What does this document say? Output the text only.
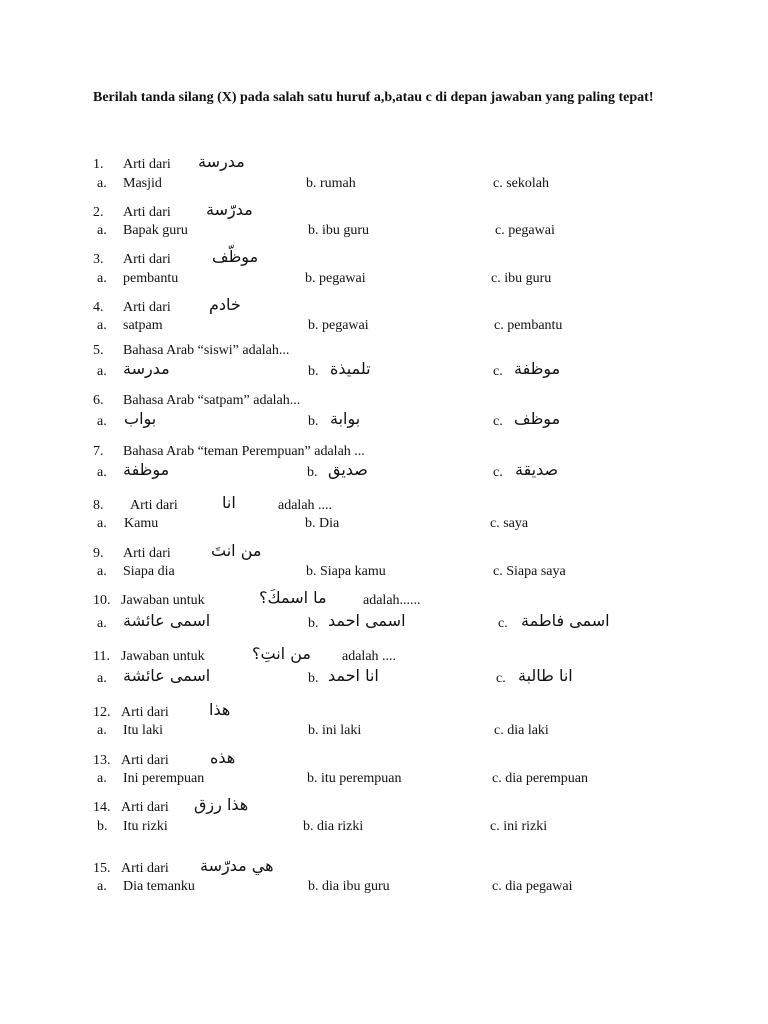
Berilah tanda silang (X) pada salah satu huruf a,b,atau c di depan jawaban yang paling tepat!
1. Arti dari مدرسة
a. Masjid	b. rumah	c. sekolah
2. Arti dari مدرّسة
a. Bapak guru	b. ibu guru	c. pegawai
3. Arti dari	موظّف
a. pembantu	b. pegawai	c. ibu guru
4. Arti dari خادم
a. satpam	b. pegawai	c. pembantu
5. Bahasa Arab “siswi” adalah...
a. مدرسة	b. تلميذة	c. موظفة
6. Bahasa Arab “satpam” adalah...
a. بواب	b. بوابة	c. موظف
7. Bahasa Arab “teman Perempuan” adalah ...
a. موظفة	b. صديق	c. صديقة
8. Arti dari	انا	adalah ....
a. Kamu	b. Dia	c. saya
9. Arti dari	من انتَ
a. Siapa dia	b. Siapa kamu	c. Siapa saya
10. Jawaban untuk	ما اسمكَ؟	adalah......
a. اسمى عائشة	b. اسمى احمد	c. اسمى فاطمة
11. Jawaban untuk	من انتِ؟ adalah ....
a. اسمى عائشة	b. انا احمد	c. انا طالبة
12. Arti dari	هذا
a. Itu laki	b. ini laki	c. dia laki
13. Arti dari	هذه
a. Ini perempuan	b. itu perempuan	c. dia perempuan
14. Arti dari هذا رزق
b. Itu rizki	b. dia rizki	c. ini rizki
15. Arti dari هي مدرّسة
a. Dia temanku	b. dia ibu guru	c. dia pegawai
